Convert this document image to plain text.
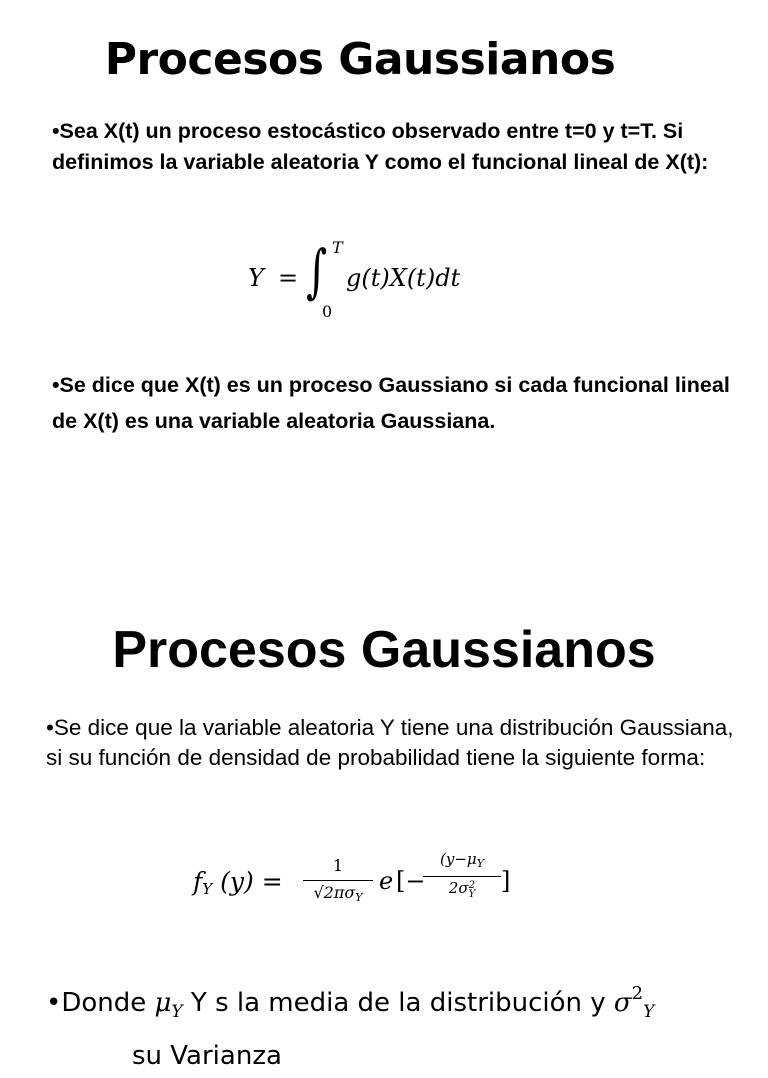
Procesos Gaussianos

•Sea X(t) un proceso estocástico observado entre t=0 y t=T. Si definimos la variable aleatoria Y como el funcional lineal de X(t):

Y = ∫ T
0
g(t)X(t)dt

•Se dice que X(t) es un proceso Gaussiano si cada funcional lineal de X(t) es una variable aleatoria Gaussiana.

Procesos Gaussianos

•Se dice que la variable aleatoria Y tiene una distribución Gaussiana, si su función de densidad de probabilidad tiene la siguiente forma:

$f_Y$ (y) =
1
$√2\pi\sigma_Y$
e [−
($y-\mu_Y$
2σ 2
Y ]

•Donde $\mu_Y$ Y s la media de la distribución y $\sigma^2_Y$
su Varianza
